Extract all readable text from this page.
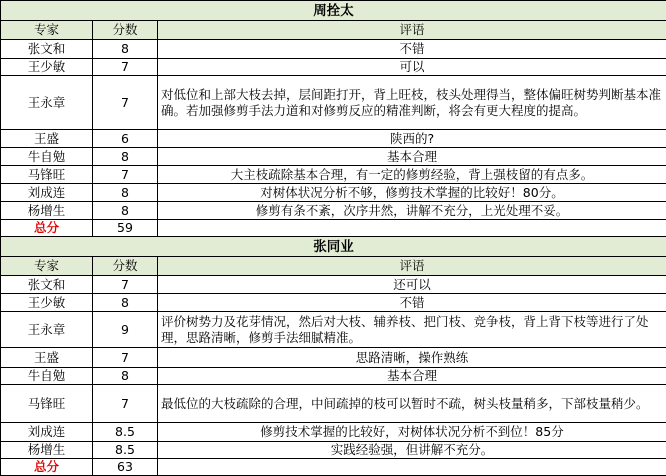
周拴太		
专家	分数	评语
张文和	8	不错
王少敏	7	可以
王永章	7	对低位和上部大枝去掉，层间距打开，背上旺枝，枝头处理得当，整体偏旺树势判断基本准确。若加强修剪手法力道和对修剪反应的精准判断，将会有更大程度的提高。
王盛	6	陕西的?
牛自勉	8	基本合理
马锋旺	7	大主枝疏除基本合理，有一定的修剪经验，背上强枝留的有点多。
刘成连	8	对树体状况分析不够，修剪技术掌握的比较好！80分。
杨增生	8	修剪有条不紊，次序井然，讲解不充分，上光处理不妥。
总分	59	
张同业		
专家	分数	评语
张文和	7	还可以
王少敏	8	不错
王永章	9	评价树势力及花芽情况，然后对大枝、辅养枝、把门枝、竞争枝，背上背下枝等进行了处理，思路清晰，修剪手法细腻精准。
王盛	7	思路清晰，操作熟练
牛自勉	8	基本合理
马锋旺	7	最低位的大枝疏除的合理，中间疏掉的枝可以暂时不疏，树头枝量稍多，下部枝量稍少。
刘成连	8.5	修剪技术掌握的比较好，对树体状况分析不到位！85分
杨增生	8.5	实践经验强，但讲解不充分。
总分	63	
